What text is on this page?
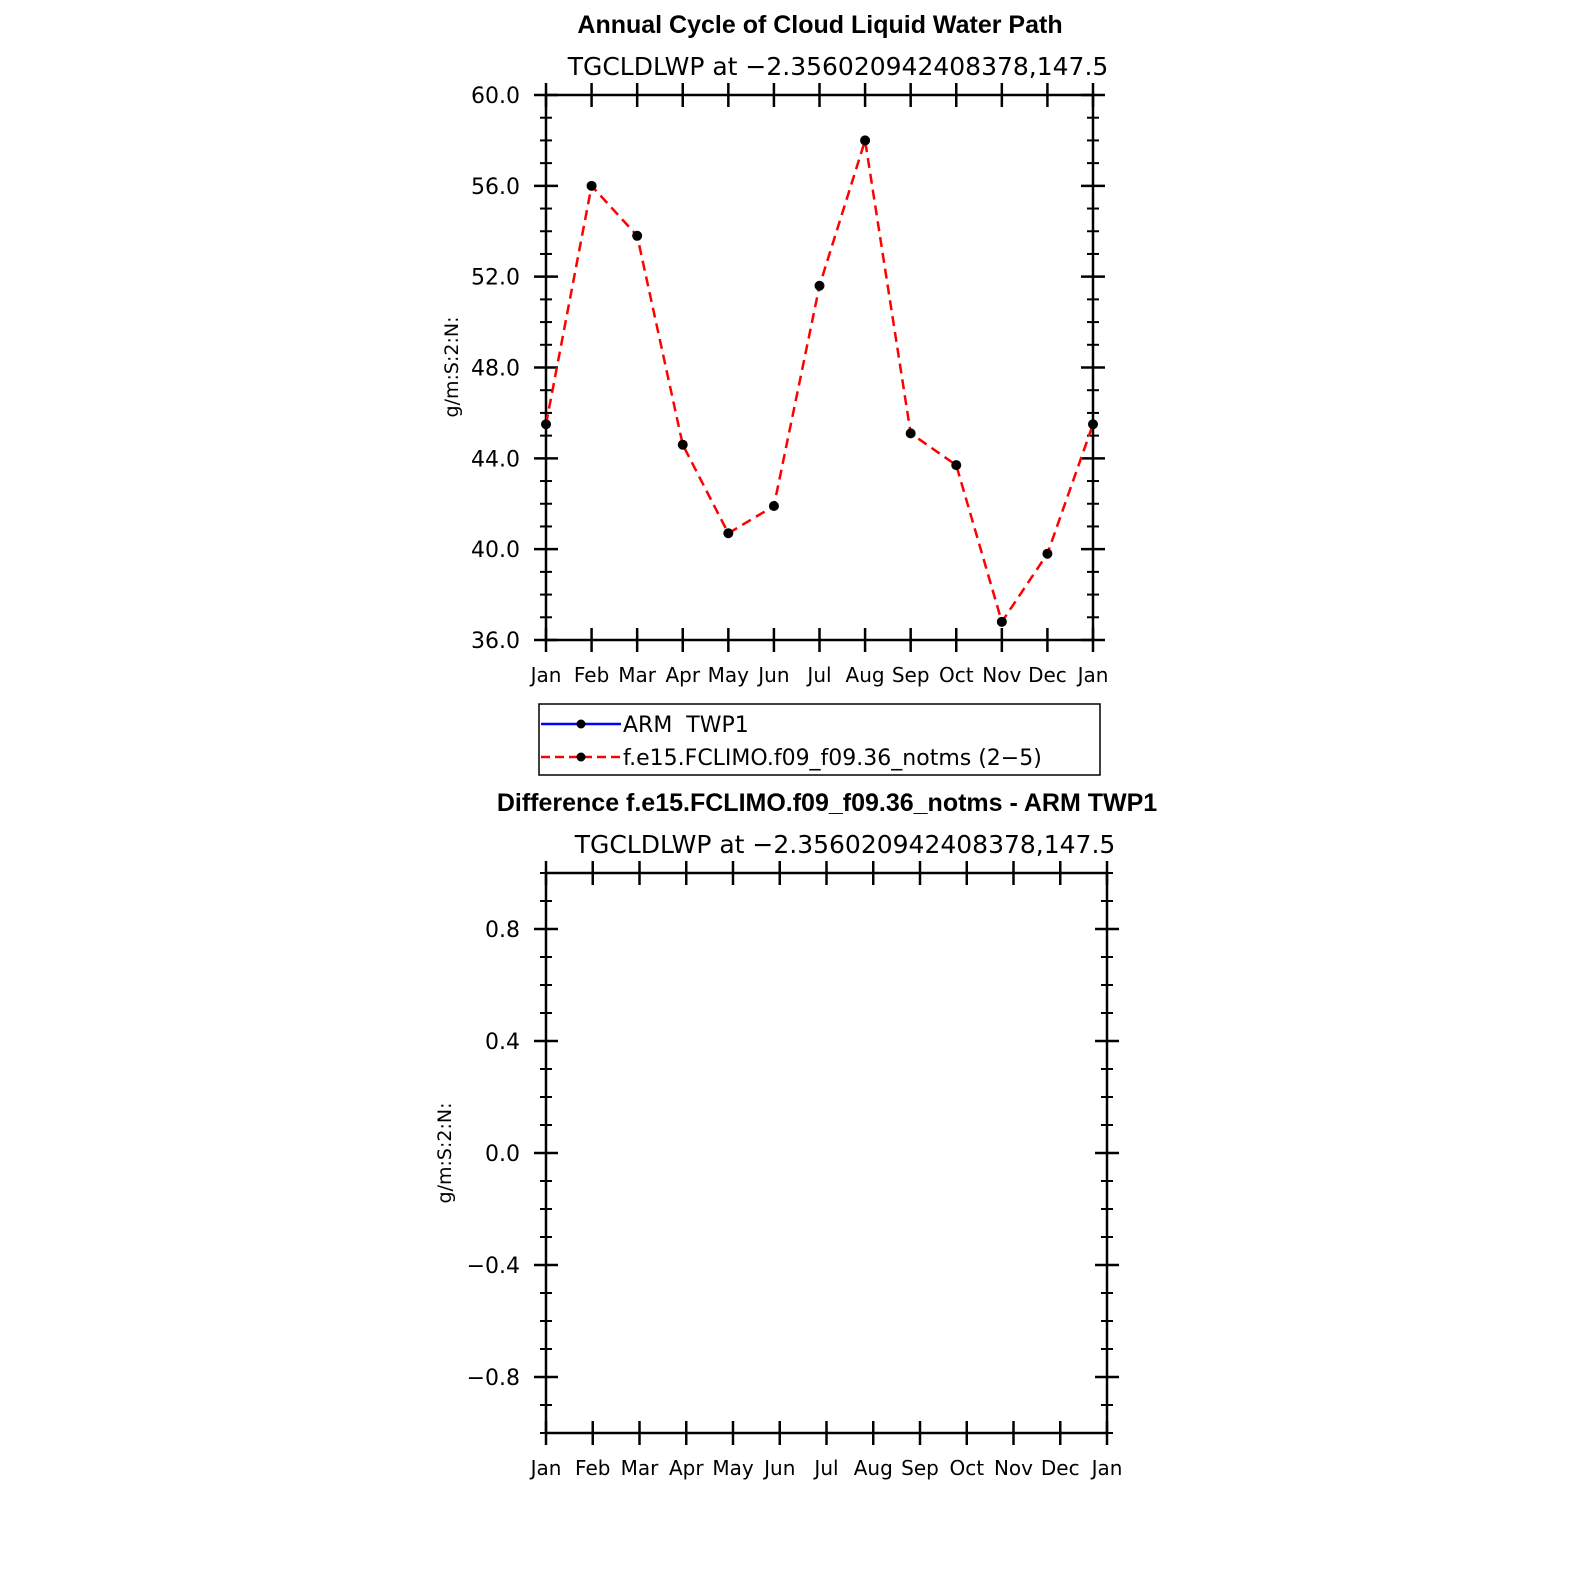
Annual Cycle of Cloud Liquid Water Path
TGCLDLWP at −2.356020942408378,147.5
60.0
56.0
52.0
48.0
44.0
40.0
36.0
Jan Feb Mar Apr May Jun Jul Aug Sep Oct Nov Dec Jan
g/m:S:2:N:
ARM  TWP1
f.e15.FCLIMO.f09_f09.36_notms (2−5)
Difference f.e15.FCLIMO.f09_f09.36_notms - ARM TWP1
TGCLDLWP at −2.356020942408378,147.5
0.8
0.4
0.0
−0.4
−0.8
Jan Feb Mar Apr May Jun Jul Aug Sep Oct Nov Dec Jan
g/m:S:2:N:
